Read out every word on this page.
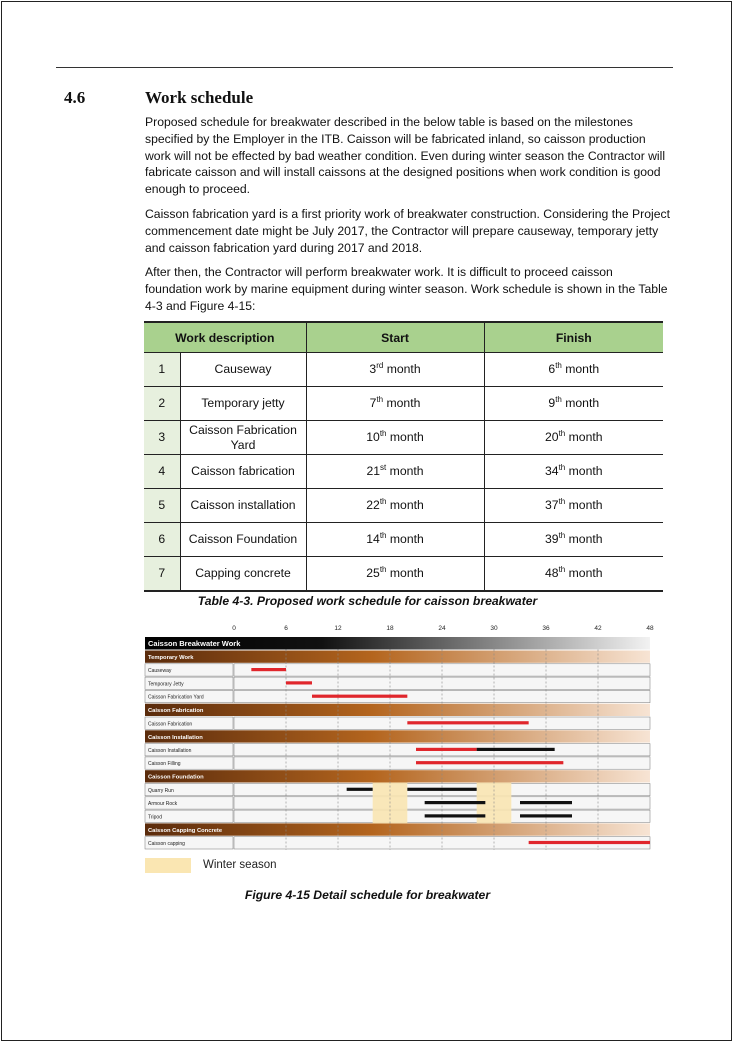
4.6	Work schedule

Proposed schedule for breakwater described in the below table is based on the milestones specified by the Employer in the ITB. Caisson will be fabricated inland, so caisson production work will not be effected by bad weather condition. Even during winter season the Contractor will fabricate caisson and will install caissons at the designed positions when work condition is good enough to proceed.

Caisson fabrication yard is a first priority work of breakwater construction. Considering the Project commencement date might be July 2017, the Contractor will prepare causeway, temporary jetty and caisson fabrication yard during 2017 and 2018.

After then, the Contractor will perform breakwater work. It is difficult to proceed caisson foundation work by marine equipment during winter season. Work schedule is shown in the Table 4-3 and Figure 4-15:

Work description		Start	Finish
1	Causeway	3rd month	6th month
2	Temporary jetty	7th month	9th month
3	Caisson Fabrication Yard	10th month	20th month
4	Caisson fabrication	21st month	34th month
5	Caisson installation	22th month	37th month
6	Caisson Foundation	14th month	39th month
7	Capping concrete	25th month	48th month
Table 4-3. Proposed work schedule for caisson breakwater
0	6	12	18	24	30	36	42	48
Caisson Breakwater Work
Temporary Work
Causeway
Temporary Jetty
Caisson Fabrication Yard
Caisson Fabrication
Caisson Fabrication
Caisson Installation
Caisson Installation
Caisson Filling
Caisson Foundation
Quarry Run
Armour Rock
Tripod
Caisson Capping Concrete
Caisson capping
Winter season
Figure 4-15 Detail schedule for breakwater
